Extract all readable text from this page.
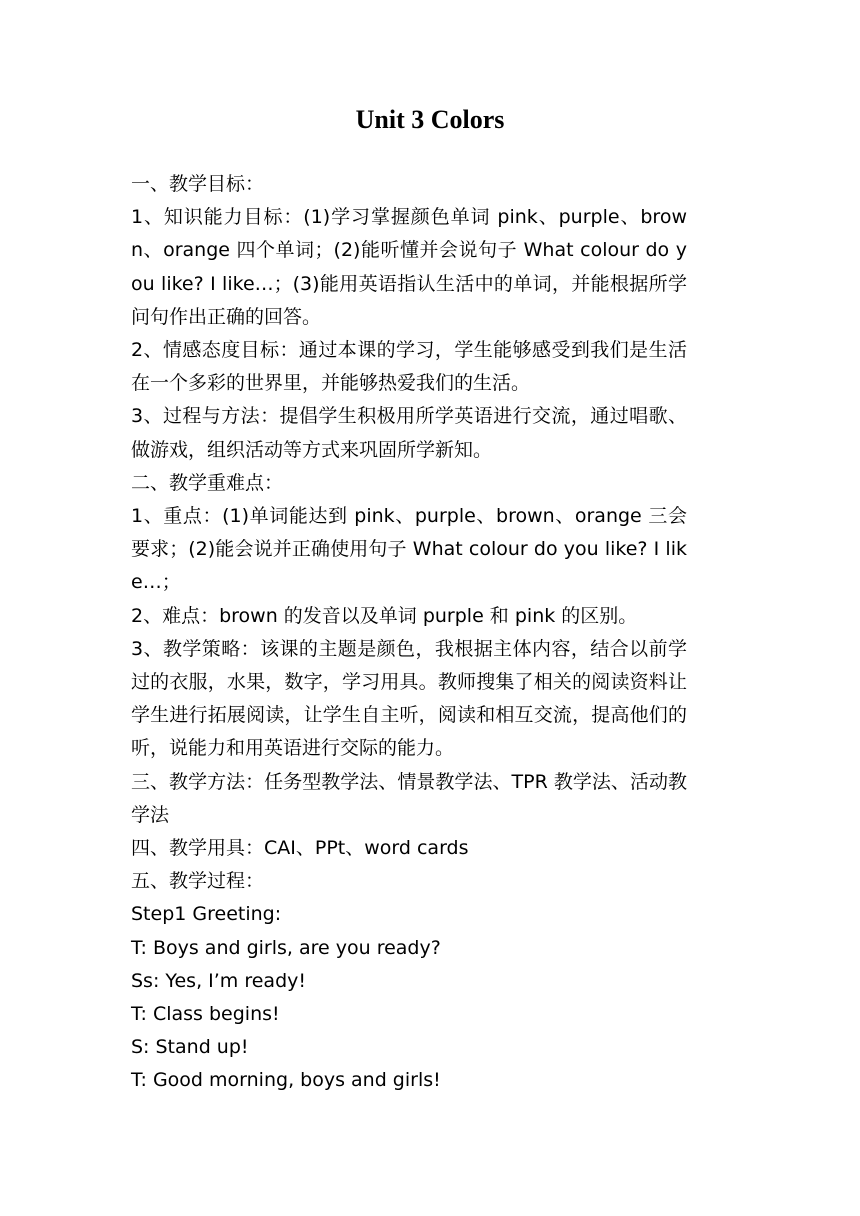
Unit 3 Colors

一、教学目标：

1、知识能力目标：(1)学习掌握颜色单词 pink、purple、brown、orange 四个单词；(2)能听懂并会说句子 What colour do you like? I like…；(3)能用英语指认生活中的单词，并能根据所学问句作出正确的回答。

2、情感态度目标：通过本课的学习，学生能够感受到我们是生活在一个多彩的世界里，并能够热爱我们的生活。

3、过程与方法：提倡学生积极用所学英语进行交流，通过唱歌、做游戏，组织活动等方式来巩固所学新知。

二、教学重难点：

1、重点：(1)单词能达到 pink、purple、brown、orange 三会要求；(2)能会说并正确使用句子 What colour do you like? I like…；

2、难点：brown 的发音以及单词 purple 和 pink 的区别。

3、教学策略：该课的主题是颜色，我根据主体内容，结合以前学过的衣服，水果，数字，学习用具。教师搜集了相关的阅读资料让学生进行拓展阅读，让学生自主听，阅读和相互交流，提高他们的听，说能力和用英语进行交际的能力。

三、教学方法：任务型教学法、情景教学法、TPR 教学法、活动教学法

四、教学用具：CAI、PPt、word cards

五、教学过程：

Step1 Greeting:

T: Boys and girls, are you ready?

Ss: Yes, I’m ready!

T: Class begins!

S: Stand up!

T: Good morning, boys and girls!
